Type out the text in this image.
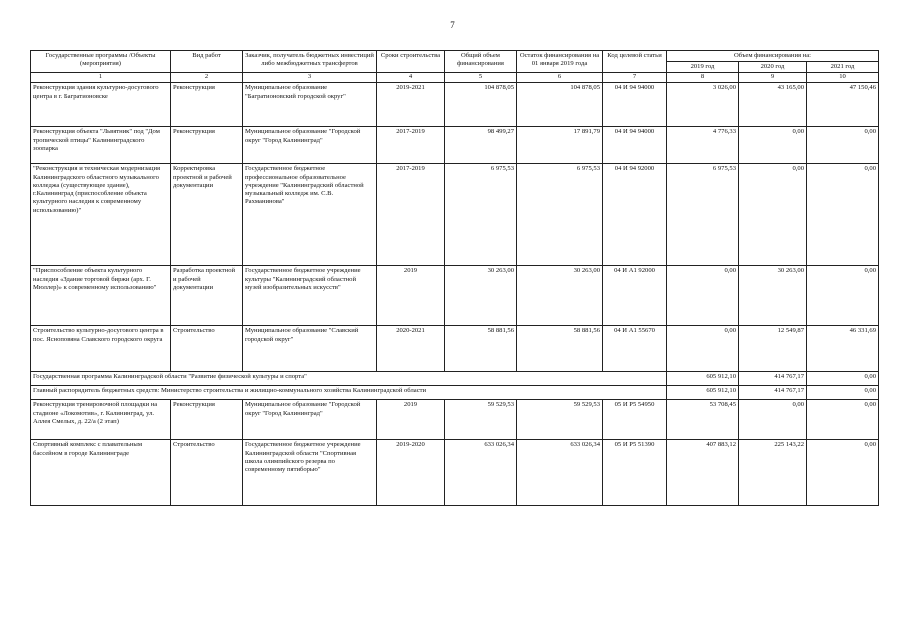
7
Государственные программы /Объекты (мероприятия)	Вид работ	Заказчик, получатель бюджетных инвестиций либо межбюджетных трансфертов	Сроки строительства	Общий объем финансирования	Остаток финансирования на 01 января 2019 года	Код целевой статьи	Объем финансирования на:		
							2019 год	2020 год	2021 год
1	2	3	4	5	6	7	8	9	10
Реконструкция здания культурно-досугового центра в г. Багратионовске	Реконструкция	Муниципальное образование "Багратионовский городской округ"	2019-2021	104 878,05	104 878,05	04 И 94 94000	3 026,00	43 165,00	47 150,46
Реконструкция объекта "Львятник" под "Дом тропической птицы" Калининградского зоопарка	Реконструкция	Муниципальное образование "Городской округ "Город Калининград"	2017-2019	98 499,27	17 891,79	04 И 94 94000	4 776,33	0,00	0,00
"Реконструкция и техническая модернизация Калининградского областного музыкального колледжа (существующее здание), г.Калининград (приспособление объекта культурного наследия к современному использованию)"	Корректировка проектной и рабочей документации	Государственное бюджетное профессиональное образовательное учреждение "Калининградский областной музыкальный колледж им. С.В. Рахманинова"	2017-2019	6 975,53	6 975,53	04 И 94 92000	6 975,53	0,00	0,00
"Приспособление объекта культурного наследия «Здание торговой биржи (арх. Г. Мюллер)» к современному использованию"	Разработка проектной и рабочей документации	Государственное бюджетное учреждение культуры "Калининградский областной музей изобразительных искусств"	2019	30 263,00	30 263,00	04 И А1 92000	0,00	30 263,00	0,00
Строительство культурно-досугового центра в пос. Ясноповяна Славского городского округа	Строительство	Муниципальное образование "Славский городской округ"	2020-2021	58 881,56	58 881,56	04 И А1 55670	0,00	12 549,87	46 331,69
Государственная программа Калининградской области "Развитие физической культуры и спорта"							605 912,10	414 767,17	0,00
Главный распорядитель бюджетных средств: Министерство строительства и жилищно-коммунального хозяйства Калининградской области							605 912,10	414 767,17	0,00
Реконструкция тренировочной площадки на стадионе «Локомотив», г. Калининград, ул. Аллея Смелых, д. 22/а (2 этап)	Реконструкция	Муниципальное образование "Городской округ "Город Калининград"	2019	59 529,53	59 529,53	05 И Р5 54950	53 708,45	0,00	0,00
Спортивный комплекс с плавательным бассейном в городе Калининграде	Строительство	Государственное бюджетное учреждение Калининградской области "Спортивная школа олимпийского резерва по современному пятиборью"	2019-2020	633 026,34	633 026,34	05 И Р5 51390	407 883,12	225 143,22	0,00
